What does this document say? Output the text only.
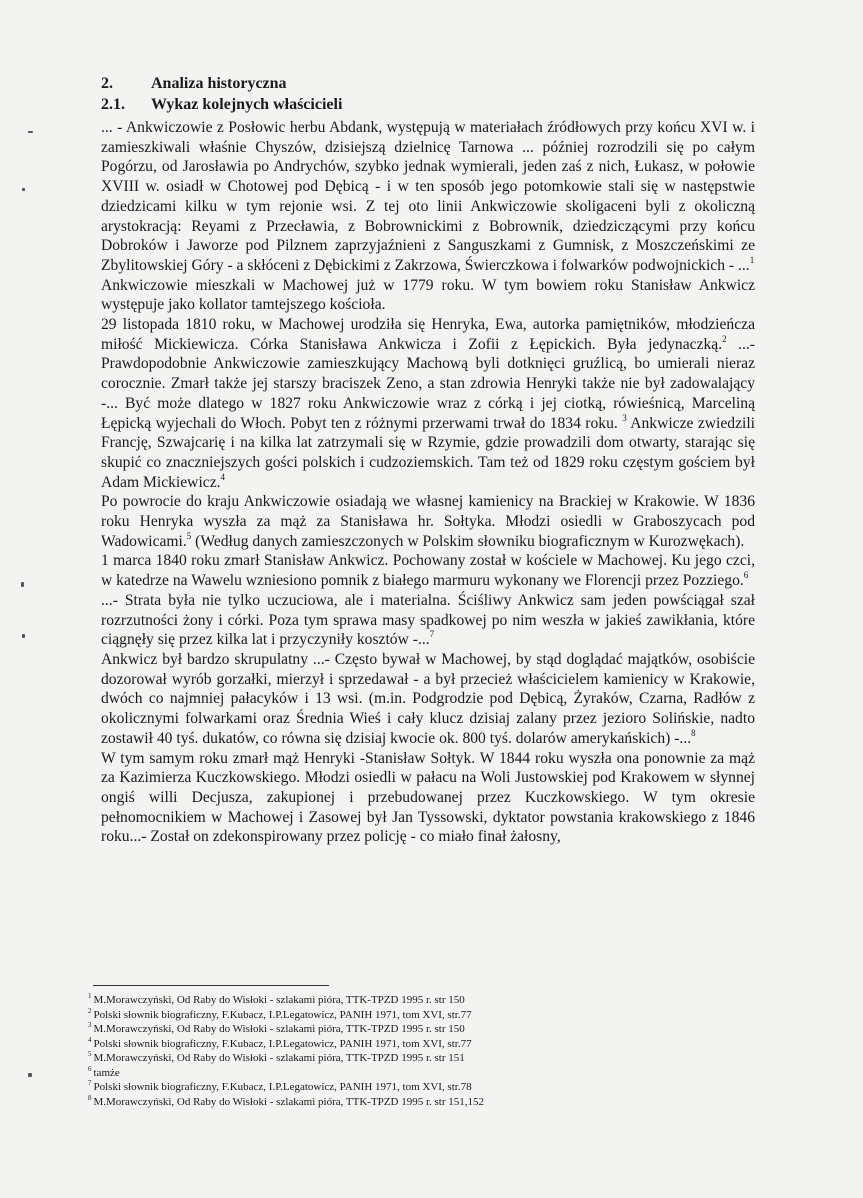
2. Analiza historyczna
2.1. Wykaz kolejnych właścicieli

... - Ankwiczowie z Posłowic herbu Abdank, występują w materiałach źródłowych przy końcu XVI w. i zamieszkiwali właśnie Chyszów, dzisiejszą dzielnicę Tarnowa ... później rozrodzili się po całym Pogórzu, od Jarosławia po Andrychów, szybko jednak wymierali, jeden zaś z nich, Łukasz, w połowie XVIII w. osiadł w Chotowej pod Dębicą - i w ten sposób jego potomkowie stali się w następstwie dziedzicami kilku w tym rejonie wsi. Z tej oto linii Ankwiczowie skoligaceni byli z okoliczną arystokracją: Reyami z Przecławia, z Bobrownickimi z Bobrownik, dziedziczącymi przy końcu Dobroków i Jaworze pod Pilznem zaprzyjaźnieni z Sanguszkami z Gumnisk, z Moszczeńskimi ze Zbylitowskiej Góry - a skłóceni z Dębickimi z Zakrzowa, Świerczkowa i folwarków podwojnickich - ...$^1$

Ankwiczowie mieszkali w Machowej już w 1779 roku. W tym bowiem roku Stanisław Ankwicz występuje jako kollator tamtejszego kościoła.

29 listopada 1810 roku, w Machowej urodziła się Henryka, Ewa, autorka pamiętników, młodzieńcza miłość Mickiewicza. Córka Stanisława Ankwicza i Zofii z Łępickich. Była jedynaczką.$^2$ ...- Prawdopodobnie Ankwiczowie zamieszkujący Machową byli dotknięci gruźlicą, bo umierali nieraz corocznie. Zmarł także jej starszy braciszek Zeno, a stan zdrowia Henryki także nie był zadowalający -... Być może dlatego w 1827 roku Ankwiczowie wraz z córką i jej ciotką, rówieśnicą, Marceliną Łępicką wyjechali do Włoch. Pobyt ten z różnymi przerwami trwał do 1834 roku. $^3$ Ankwicze zwiedzili Francję, Szwajcarię i na kilka lat zatrzymali się w Rzymie, gdzie prowadzili dom otwarty, starając się skupić co znaczniejszych gości polskich i cudzoziemskich. Tam też od 1829 roku częstym gościem był Adam Mickiewicz.$^4$

Po powrocie do kraju Ankwiczowie osiadają we własnej kamienicy na Brackiej w Krakowie. W 1836 roku Henryka wyszła za mąż za Stanisława hr. Sołtyka. Młodzi osiedli w Graboszycach pod Wadowicami.$^5$ (Według danych zamieszczonych w Polskim słowniku biograficznym w Kurozwękach).

1 marca 1840 roku zmarł Stanisław Ankwicz. Pochowany został w kościele w Machowej. Ku jego czci, w katedrze na Wawelu wzniesiono pomnik z białego marmuru wykonany we Florencji przez Pozziego.$^6$

...- Strata była nie tylko uczuciowa, ale i materialna. Ściśliwy Ankwicz sam jeden powściągał szał rozrzutności żony i córki. Poza tym sprawa masy spadkowej po nim weszła w jakieś zawikłania, które ciągnęły się przez kilka lat i przyczyniły kosztów -...$^7$

Ankwicz był bardzo skrupulatny ...- Często bywał w Machowej, by stąd doglądać majątków, osobiście dozorował wyrób gorzałki, mierzył i sprzedawał - a był przecież właścicielem kamienicy w Krakowie, dwóch co najmniej pałacyków i 13 wsi. (m.in. Podgrodzie pod Dębicą, Żyraków, Czarna, Radłów z okolicznymi folwarkami oraz Średnia Wieś i cały klucz dzisiaj zalany przez jezioro Solińskie, nadto zostawił 40 tyś. dukatów, co równa się dzisiaj kwocie ok. 800 tyś. dolarów amerykańskich) -...$^8$

W tym samym roku zmarł mąż Henryki -Stanisław Sołtyk. W 1844 roku wyszła ona ponownie za mąż za Kazimierza Kuczkowskiego. Młodzi osiedli w pałacu na Woli Justowskiej pod Krakowem w słynnej ongiś willi Decjusza, zakupionej i przebudowanej przez Kuczkowskiego. W tym okresie pełnomocnikiem w Machowej i Zasowej był Jan Tyssowski, dyktator powstania krakowskiego z 1846 roku...- Został on zdekonspirowany przez policję - co miało finał żałosny,

$^1$ M.Morawczyński, Od Raby do Wisłoki - szlakami pióra, TTK-TPZD 1995 r. str 150
$^2$ Polski słownik biograficzny, F.Kubacz, I.P.Legatowicz, PANIH 1971, tom XVI, str.77
$^3$ M.Morawczyński, Od Raby do Wisłoki - szlakami pióra, TTK-TPZD 1995 r. str 150
$^4$ Polski słownik biograficzny, F.Kubacz, I.P.Legatowicz, PANIH 1971, tom XVI, str.77
$^5$ M.Morawczyński, Od Raby do Wisłoki - szlakami pióra, TTK-TPZD 1995 r. str 151
$^6$ tamże
$^7$ Polski słownik biograficzny, F.Kubacz, I.P.Legatowicz, PANIH 1971, tom XVI, str.78
$^8$ M.Morawczyński, Od Raby do Wisłoki - szlakami pióra, TTK-TPZD 1995 r. str 151,152
